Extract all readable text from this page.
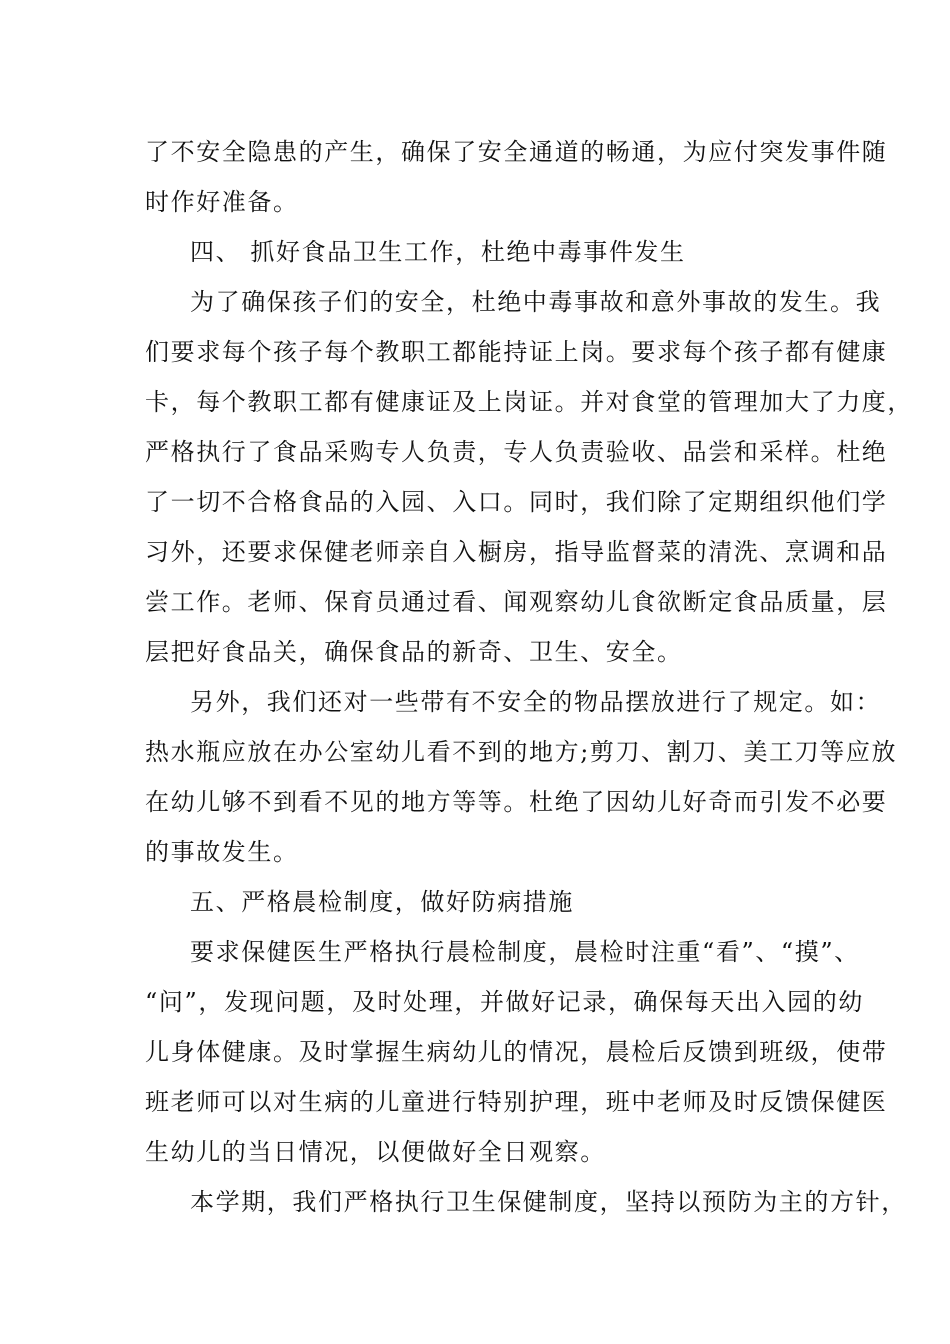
了不安全隐患的产生，确保了安全通道的畅通，为应付突发事件随
时作好准备。
四、 抓好食品卫生工作，杜绝中毒事件发生
为了确保孩子们的安全，杜绝中毒事故和意外事故的发生。我
们要求每个孩子每个教职工都能持证上岗。要求每个孩子都有健康
卡，每个教职工都有健康证及上岗证。并对食堂的管理加大了力度，
严格执行了食品采购专人负责，专人负责验收、品尝和采样。杜绝
了一切不合格食品的入园、入口。同时，我们除了定期组织他们学
习外，还要求保健老师亲自入橱房，指导监督菜的清洗、烹调和品
尝工作。老师、保育员通过看、闻观察幼儿食欲断定食品质量，层
层把好食品关，确保食品的新奇、卫生、安全。
另外，我们还对一些带有不安全的物品摆放进行了规定。如：
热水瓶应放在办公室幼儿看不到的地方;剪刀、割刀、美工刀等应放
在幼儿够不到看不见的地方等等。杜绝了因幼儿好奇而引发不必要
的事故发生。
五、严格晨检制度，做好防病措施
要求保健医生严格执行晨检制度，晨检时注重“看”、“摸”、
“问”，发现问题，及时处理，并做好记录，确保每天出入园的幼
儿身体健康。及时掌握生病幼儿的情况，晨检后反馈到班级，使带
班老师可以对生病的儿童进行特别护理，班中老师及时反馈保健医
生幼儿的当日情况，以便做好全日观察。
本学期，我们严格执行卫生保健制度，坚持以预防为主的方针，
